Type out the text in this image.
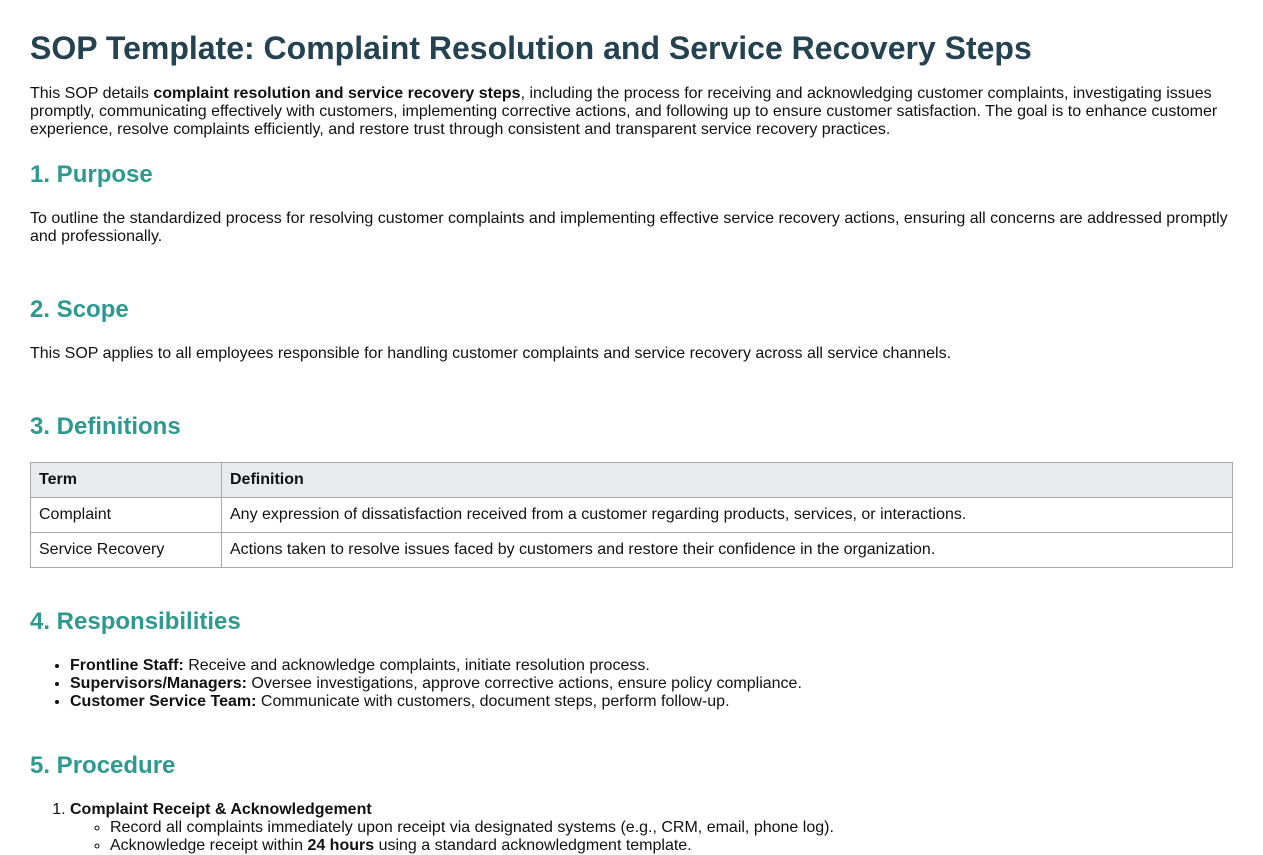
SOP Template: Complaint Resolution and Service Recovery Steps

This SOP details complaint resolution and service recovery steps, including the process for receiving and acknowledging customer complaints, investigating issues promptly, communicating effectively with customers, implementing corrective actions, and following up to ensure customer satisfaction. The goal is to enhance customer experience, resolve complaints efficiently, and restore trust through consistent and transparent service recovery practices.

1. Purpose

To outline the standardized process for resolving customer complaints and implementing effective service recovery actions, ensuring all concerns are addressed promptly and professionally.

2. Scope

This SOP applies to all employees responsible for handling customer complaints and service recovery across all service channels.

3. Definitions
Term	Definition
Complaint	Any expression of dissatisfaction received from a customer regarding products, services, or interactions.
Service Recovery	Actions taken to resolve issues faced by customers and restore their confidence in the organization.
4. Responsibilities
• Frontline Staff: Receive and acknowledge complaints, initiate resolution process.
• Supervisors/Managers: Oversee investigations, approve corrective actions, ensure policy compliance.
• Customer Service Team: Communicate with customers, document steps, perform follow-up.
5. Procedure
1. Complaint Receipt & Acknowledgement
◦ Record all complaints immediately upon receipt via designated systems (e.g., CRM, email, phone log).
◦ Acknowledge receipt within 24 hours using a standard acknowledgment template.
